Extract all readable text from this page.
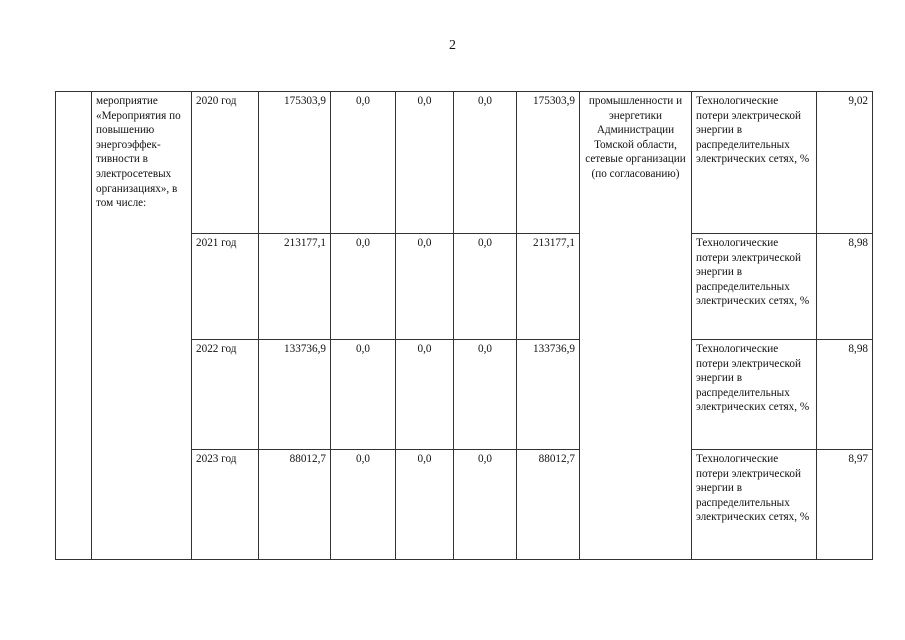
2
	мероприятие «Мероприятия по повышению энергоэффек-тивности в электросетевых организациях», в том числе:	2020 год	175303,9	0,0	0,0	0,0	175303,9	промышленности и энергетики Администрации Томской области, сетевые организации (по согласованию)	Технологические потери электрической энергии в распределительных электрических сетях, %	9,02
		2021 год	213177,1	0,0	0,0	0,0	213177,1		Технологические потери электрической энергии в распределительных электрических сетях, %	8,98
		2022 год	133736,9	0,0	0,0	0,0	133736,9		Технологические потери электрической энергии в распределительных электрических сетях, %	8,98
		2023 год	88012,7	0,0	0,0	0,0	88012,7		Технологические потери электрической энергии в распределительных электрических сетях, %	8,97
